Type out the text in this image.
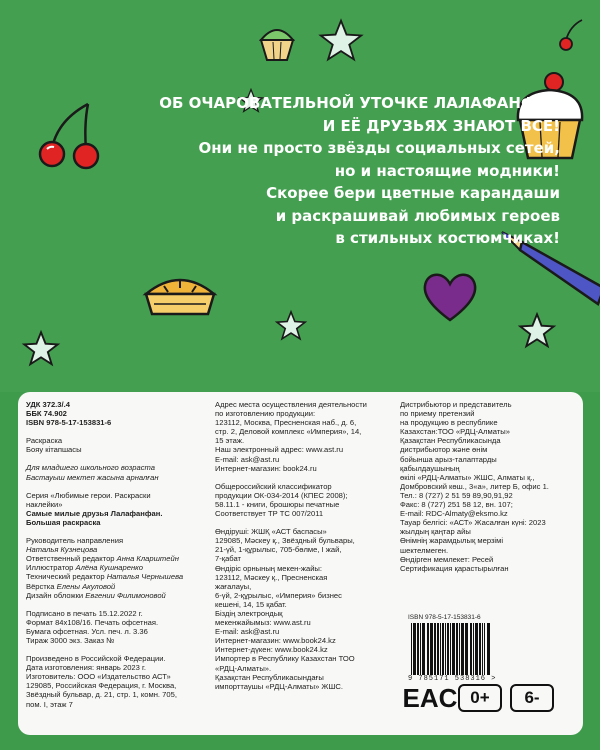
ОБ ОЧАРОВАТЕЛЬНОЙ УТОЧКЕ ЛАЛАФАНФАН
И ЕЁ ДРУЗЬЯХ ЗНАЮТ ВСЕ!
Они не просто звёзды социальных сетей,
но и настоящие модники!
Скорее бери цветные карандаши
и раскрашивай любимых героев
в стильных костюмчиках!

УДК 372.3/.4

ББК 74.902

ISBN 978-5-17-153831-6

Раскраска

Бояу кітапшасы

Для младшего школьного возраста

Бастауыш мектеп жасына арналған

Серия «Любимые герои. Раскраски

наклейки»

Самые милые друзья Лалафанфан.

Большая раскраска

Руководитель направления

Наталья Кузнецова

Ответственный редактор Анна Кларштейн

Иллюстратор Алёна Кушнаренко

Технический редактор Наталья Чернышева

Вёрстка Елены Акуловой

Дизайн обложки Евгении Филимоновой

Подписано в печать 15.12.2022 г.

Формат 84х108/16. Печать офсетная.

Бумага офсетная. Усл. печ. л. 3.36

Тираж 3000 экз. Заказ №

Произведено в Российской Федерации.

Дата изготовления: январь 2023 г.

Изготовитель: ООО «Издательство АСТ»

129085, Российская Федерация, г. Москва,

Звёздный бульвар, д. 21, стр. 1, комн. 705,

пом. I, этаж 7

Адрес места осуществления деятельности

по изготовлению продукции:

123112, Москва, Пресненская наб., д. 6,

стр. 2, Деловой комплекс «Империя», 14,

15 этаж.

Наш электронный адрес: www.ast.ru

E-mail: ask@ast.ru

Интернет-магазин: book24.ru

Общероссийский классификатор

продукции ОК-034-2014 (КПЕС 2008);

58.11.1 - книги, брошюры печатные

Соответствует ТР ТС 007/2011

Өндіруші: ЖШҚ «АСТ баспасы»

129085, Мәскеу қ., Звёздный бульвары,

21-үй, 1-құрылыс, 705-бөлме, I жай,

7-қабат

Өндіріс орнының мекен-жайы:

123112, Мәскеу қ., Пресненская

жағалауы,

6-үй, 2-құрылыс, «Империя» бизнес

кешені, 14, 15 қабат.

Біздің электрондық

мекенжайымыз: www.ast.ru

E-mail: ask@ast.ru

Интернет-магазин: www.book24.kz

Интернет-дүкен: www.book24.kz

Импортер в Республику Казахстан ТОО

«РДЦ-Алматы».

Қазақстан Республикасындағы

импорттаушы «РДЦ-Алматы» ЖШС.

Дистрибьютор и представитель

по приему претензий

на продукцию в республике

Казахстан:ТОО «РДЦ-Алматы»

Қазақстан Республикасында

дистрибьютор және өнім

бойынша арыз-талаптарды

қабылдаушының

өкілі «РДЦ-Алматы» ЖШС, Алматы қ.,

Домбровский көш., 3«а», литер Б, офис 1.

Тел.: 8 (727) 2 51 59 89,90,91,92

Факс: 8 (727) 251 58 12, вн. 107;

E-mail: RDC-Almaty@eksmo.kz

Тауар белгісі: «АСТ» Жасалған күні: 2023

жылдың қаңтар айы

Өнімнің жарамдылық мерзімі

шектелмеген.

Өндірген мемлекет: Ресей

Сертификация қарастырылған

ISBN 978-5-17-153831-6
9 785171 538316 >
EAC 0+	6-
